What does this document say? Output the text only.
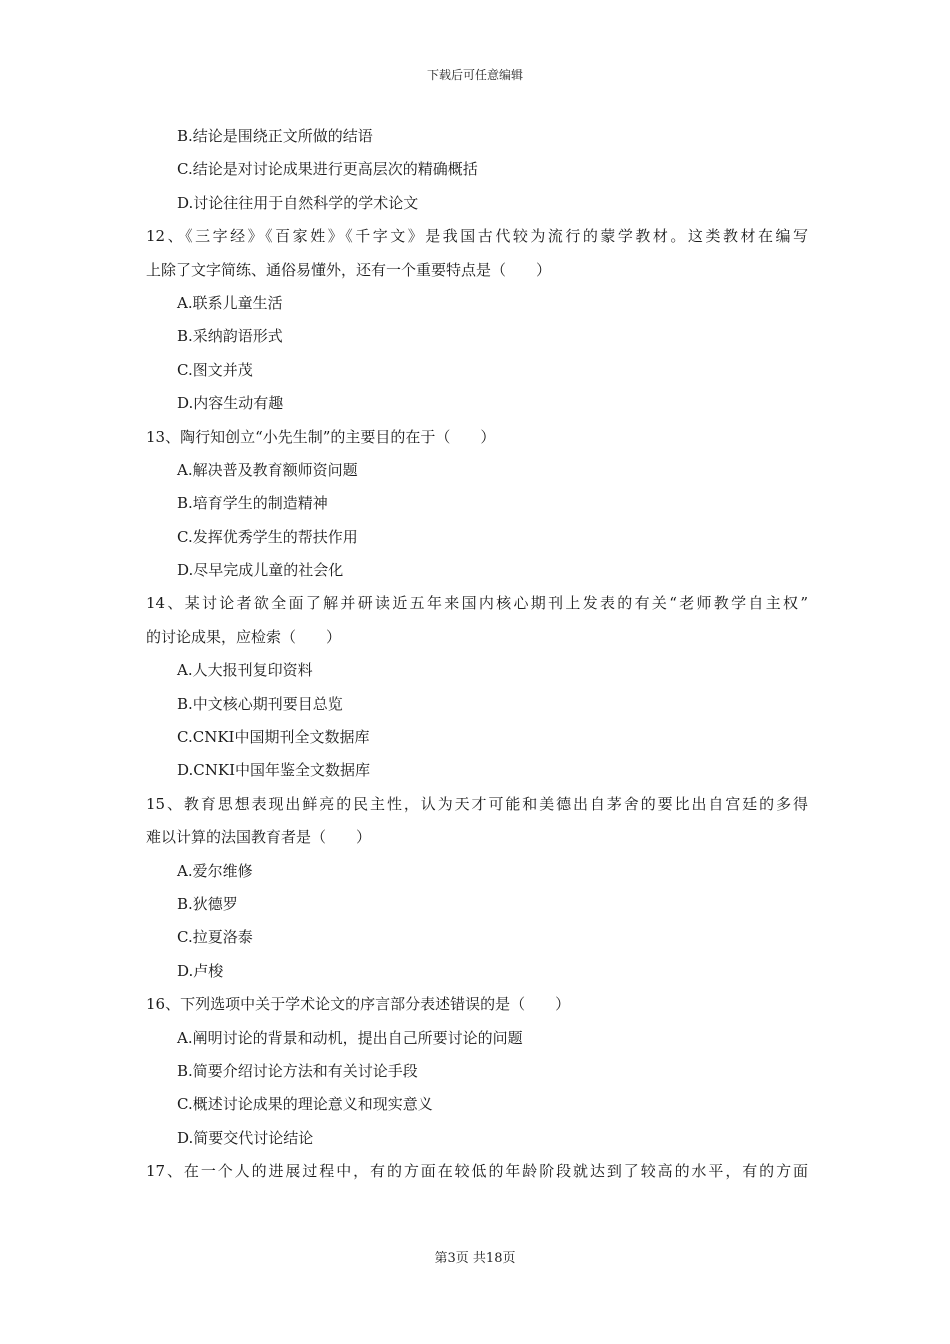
下载后可任意编辑
B.结论是围绕正文所做的结语
C.结论是对讨论成果进行更高层次的精确概括
D.讨论往往用于自然科学的学术论文
12、《三字经》《百家姓》《千字文》是我国古代较为流行的蒙学教材。这类教材在编写
上除了文字简练、通俗易懂外，还有一个重要特点是（　　）
A.联系儿童生活
B.采纳韵语形式
C.图文并茂
D.内容生动有趣
13、陶行知创立“小先生制”的主要目的在于（　　）
A.解决普及教育额师资问题
B.培育学生的制造精神
C.发挥优秀学生的帮扶作用
D.尽早完成儿童的社会化
14、某讨论者欲全面了解并研读近五年来国内核心期刊上发表的有关“老师教学自主权”
的讨论成果，应检索（　　）
A.人大报刊复印资料
B.中文核心期刊要目总览
C.CNKI中国期刊全文数据库
D.CNKI中国年鉴全文数据库
15、教育思想表现出鲜亮的民主性，认为天才可能和美德出自茅舍的要比出自宫廷的多得
难以计算的法国教育者是（　　）
A.爱尔维修
B.狄德罗
C.拉夏洛泰
D.卢梭
16、下列选项中关于学术论文的序言部分表述错误的是（　　）
A.阐明讨论的背景和动机，提出自己所要讨论的问题
B.简要介绍讨论方法和有关讨论手段
C.概述讨论成果的理论意义和现实意义
D.简要交代讨论结论
17、在一个人的进展过程中，有的方面在较低的年龄阶段就达到了较高的水平，有的方面
第3页 共18页
